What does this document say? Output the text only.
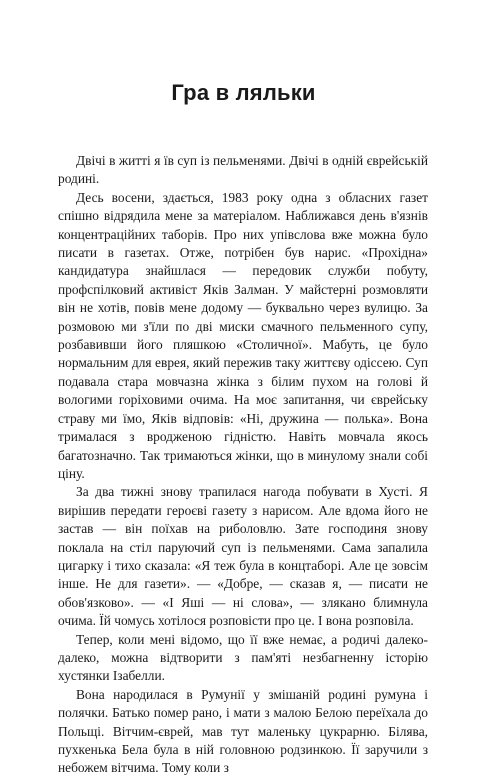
Гра в ляльки

Двічі в житті я їв суп із пельменями. Двічі в одній єврейській родині.

Десь восени, здається, 1983 року одна з обласних газет спішно відрядила мене за матеріалом. Наближався день в'язнів концентраційних таборів. Про них упівслова вже можна було писати в газетах. Отже, потрібен був нарис. «Прохідна» кандидатура знайшлася — передовик служби побуту, профспілковий активіст Яків Залман. У майстерні розмовляти він не хотів, повів мене додому — буквально через вулицю. За розмовою ми з'їли по дві миски смачного пельменного супу, розбавивши його пляшкою «Столичної». Мабуть, це було нормальним для еврея, який пережив таку життєву одіссею. Суп подавала стара мовчазна жінка з білим пухом на голові й вологими горіховими очима. На моє запитання, чи єврейську страву ми їмо, Яків відповів: «Ні, дружина — полька». Вона трималася з вродженою гідністю. Навіть мовчала якось багатозначно. Так тримаються жінки, що в минулому знали собі ціну.

За два тижні знову трапилася нагода побувати в Хусті. Я вирішив передати героєві газету з нарисом. Але вдома його не застав — він поїхав на риболовлю. Зате господиня знову поклала на стіл паруючий суп із пельменями. Сама запалила цигарку і тихо сказала: «Я теж була в концтаборі. Але це зовсім інше. Не для газети». — «Добре, — сказав я, — писати не обов'язково». — «І Яші — ні слова», — злякано блимнула очима. Їй чомусь хотілося розповісти про це. І вона розповіла.

Тепер, коли мені відомо, що її вже немає, а родичі далеко-далеко, можна відтворити з пам'яті незбагненну історію хустянки Ізабелли.

Вона народилася в Румунії у змішаній родині румуна і полячки. Батько помер рано, і мати з малою Белою переїхала до Польщі. Вітчим-єврей, мав тут маленьку цукрарню. Білява, пухкенька Бела була в ній головною родзинкою. Її заручили з небожем вітчима. Тому коли з
